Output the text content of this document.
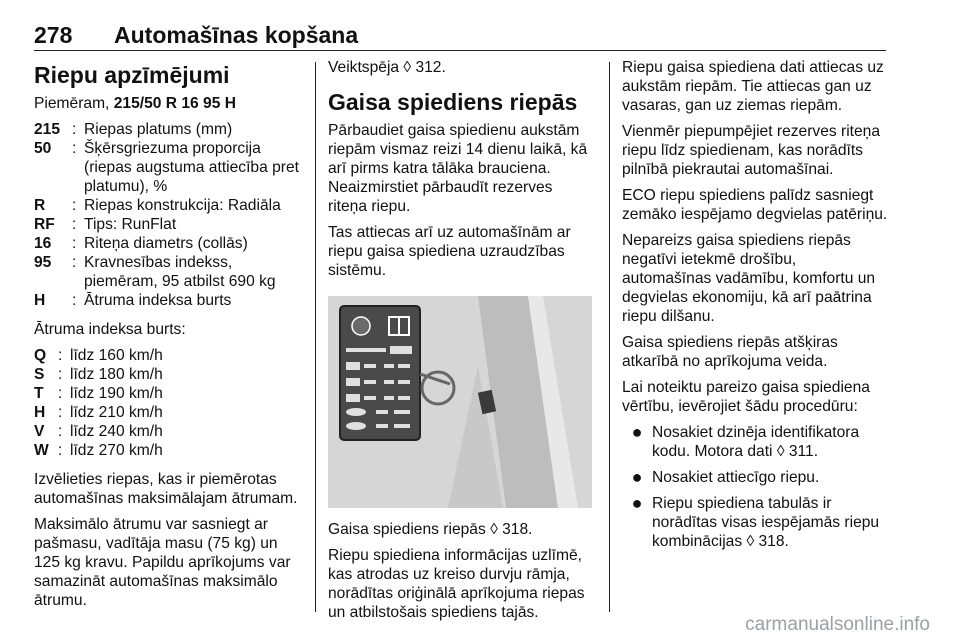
278 Automašīnas kopšana
Riepu apzīmējumi

Piemēram, 215/50 R 16 95 H

215 : Riepas platums (mm)
50	: Šķērsgriezuma proporcija (riepas augstuma attiecība pret platumu), %
R	: Riepas konstrukcija: Radiāla
RF	: Tips: RunFlat
16	: Riteņa diametrs (collās)
95	: Kravnesības indekss, piemēram, 95 atbilst 690 kg
H	: Ātruma indeksa burts

Ātruma indeksa burts:

Q : līdz 160 km/h
S : līdz 180 km/h
T : līdz 190 km/h
H : līdz 210 km/h
V : līdz 240 km/h
W : līdz 270 km/h

Izvēlieties riepas, kas ir piemērotas automašīnas maksimālajam ātrumam.

Maksimālo ātrumu var sasniegt ar pašmasu, vadītāja masu (75 kg) un 125 kg kravu. Papildu aprīkojums var samazināt automašīnas maksimālo ātrumu.

Veiktspēja ◊ 312.

Gaisa spiediens riepās

Pārbaudiet gaisa spiedienu aukstām riepām vismaz reizi 14 dienu laikā, kā arī pirms katra tālāka brauciena. Neaizmirstiet pārbaudīt rezerves riteņa riepu.

Tas attiecas arī uz automašīnām ar riepu gaisa spiediena uzraudzības sistēmu.

Gaisa spiediens riepās ◊ 318.

Riepu spiediena informācijas uzlīmē, kas atrodas uz kreiso durvju rāmja, norādītas oriģinālā aprīkojuma riepas un atbilstošais spiediens tajās.

Riepu gaisa spiediena dati attiecas uz aukstām riepām. Tie attiecas gan uz vasaras, gan uz ziemas riepām.

Vienmēr piepumpējiet rezerves riteņa riepu līdz spiedienam, kas norādīts pilnībā piekrautai automašīnai.

ECO riepu spiediens palīdz sasniegt zemāko iespējamo degvielas patēriņu.

Nepareizs gaisa spiediens riepās negatīvi ietekmē drošību, automašīnas vadāmību, komfortu un degvielas ekonomiju, kā arī paātrina riepu dilšanu.

Gaisa spiediens riepās atšķiras atkarībā no aprīkojuma veida.

Lai noteiktu pareizo gaisa spiediena vērtību, ievērojiet šādu procedūru:

● Nosakiet dzinēja identifikatora kodu. Motora dati ◊ 311.
● Nosakiet attiecīgo riepu.
● Riepu spiediena tabulās ir norādītas visas iespējamās riepu kombinācijas ◊ 318.
carmanualsonline.info
